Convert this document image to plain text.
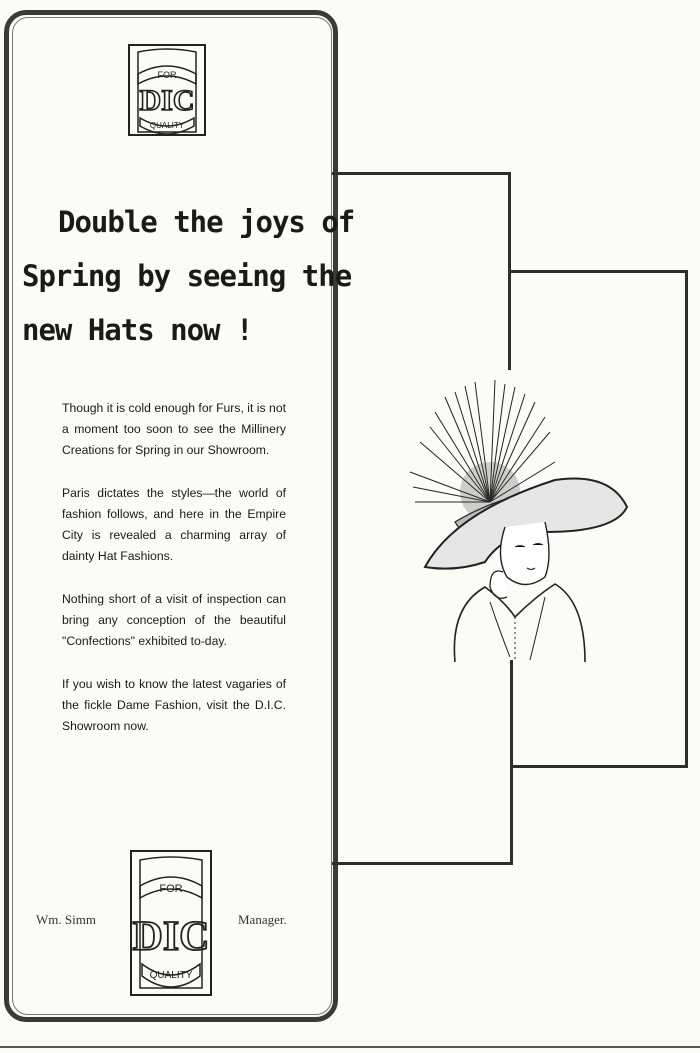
FOR
DIC
QUALITY
Double the joys of
Spring by seeing the
new Hats now !

Though it is cold enough for Furs, it is not a moment too soon to see the Millinery Creations for Spring in our Showroom.

Paris dictates the styles—the world of fashion follows, and here in the Empire City is revealed a charming array of dainty Hat Fashions.

Nothing short of a visit of inspection can bring any conception of the beautiful "Confections" exhibited to-day.

If you wish to know the latest vagaries of the fickle Dame Fashion, visit the D.I.C. Showroom now.

FOR
DIC
QUALITY
Wm. Simm	Manager.
